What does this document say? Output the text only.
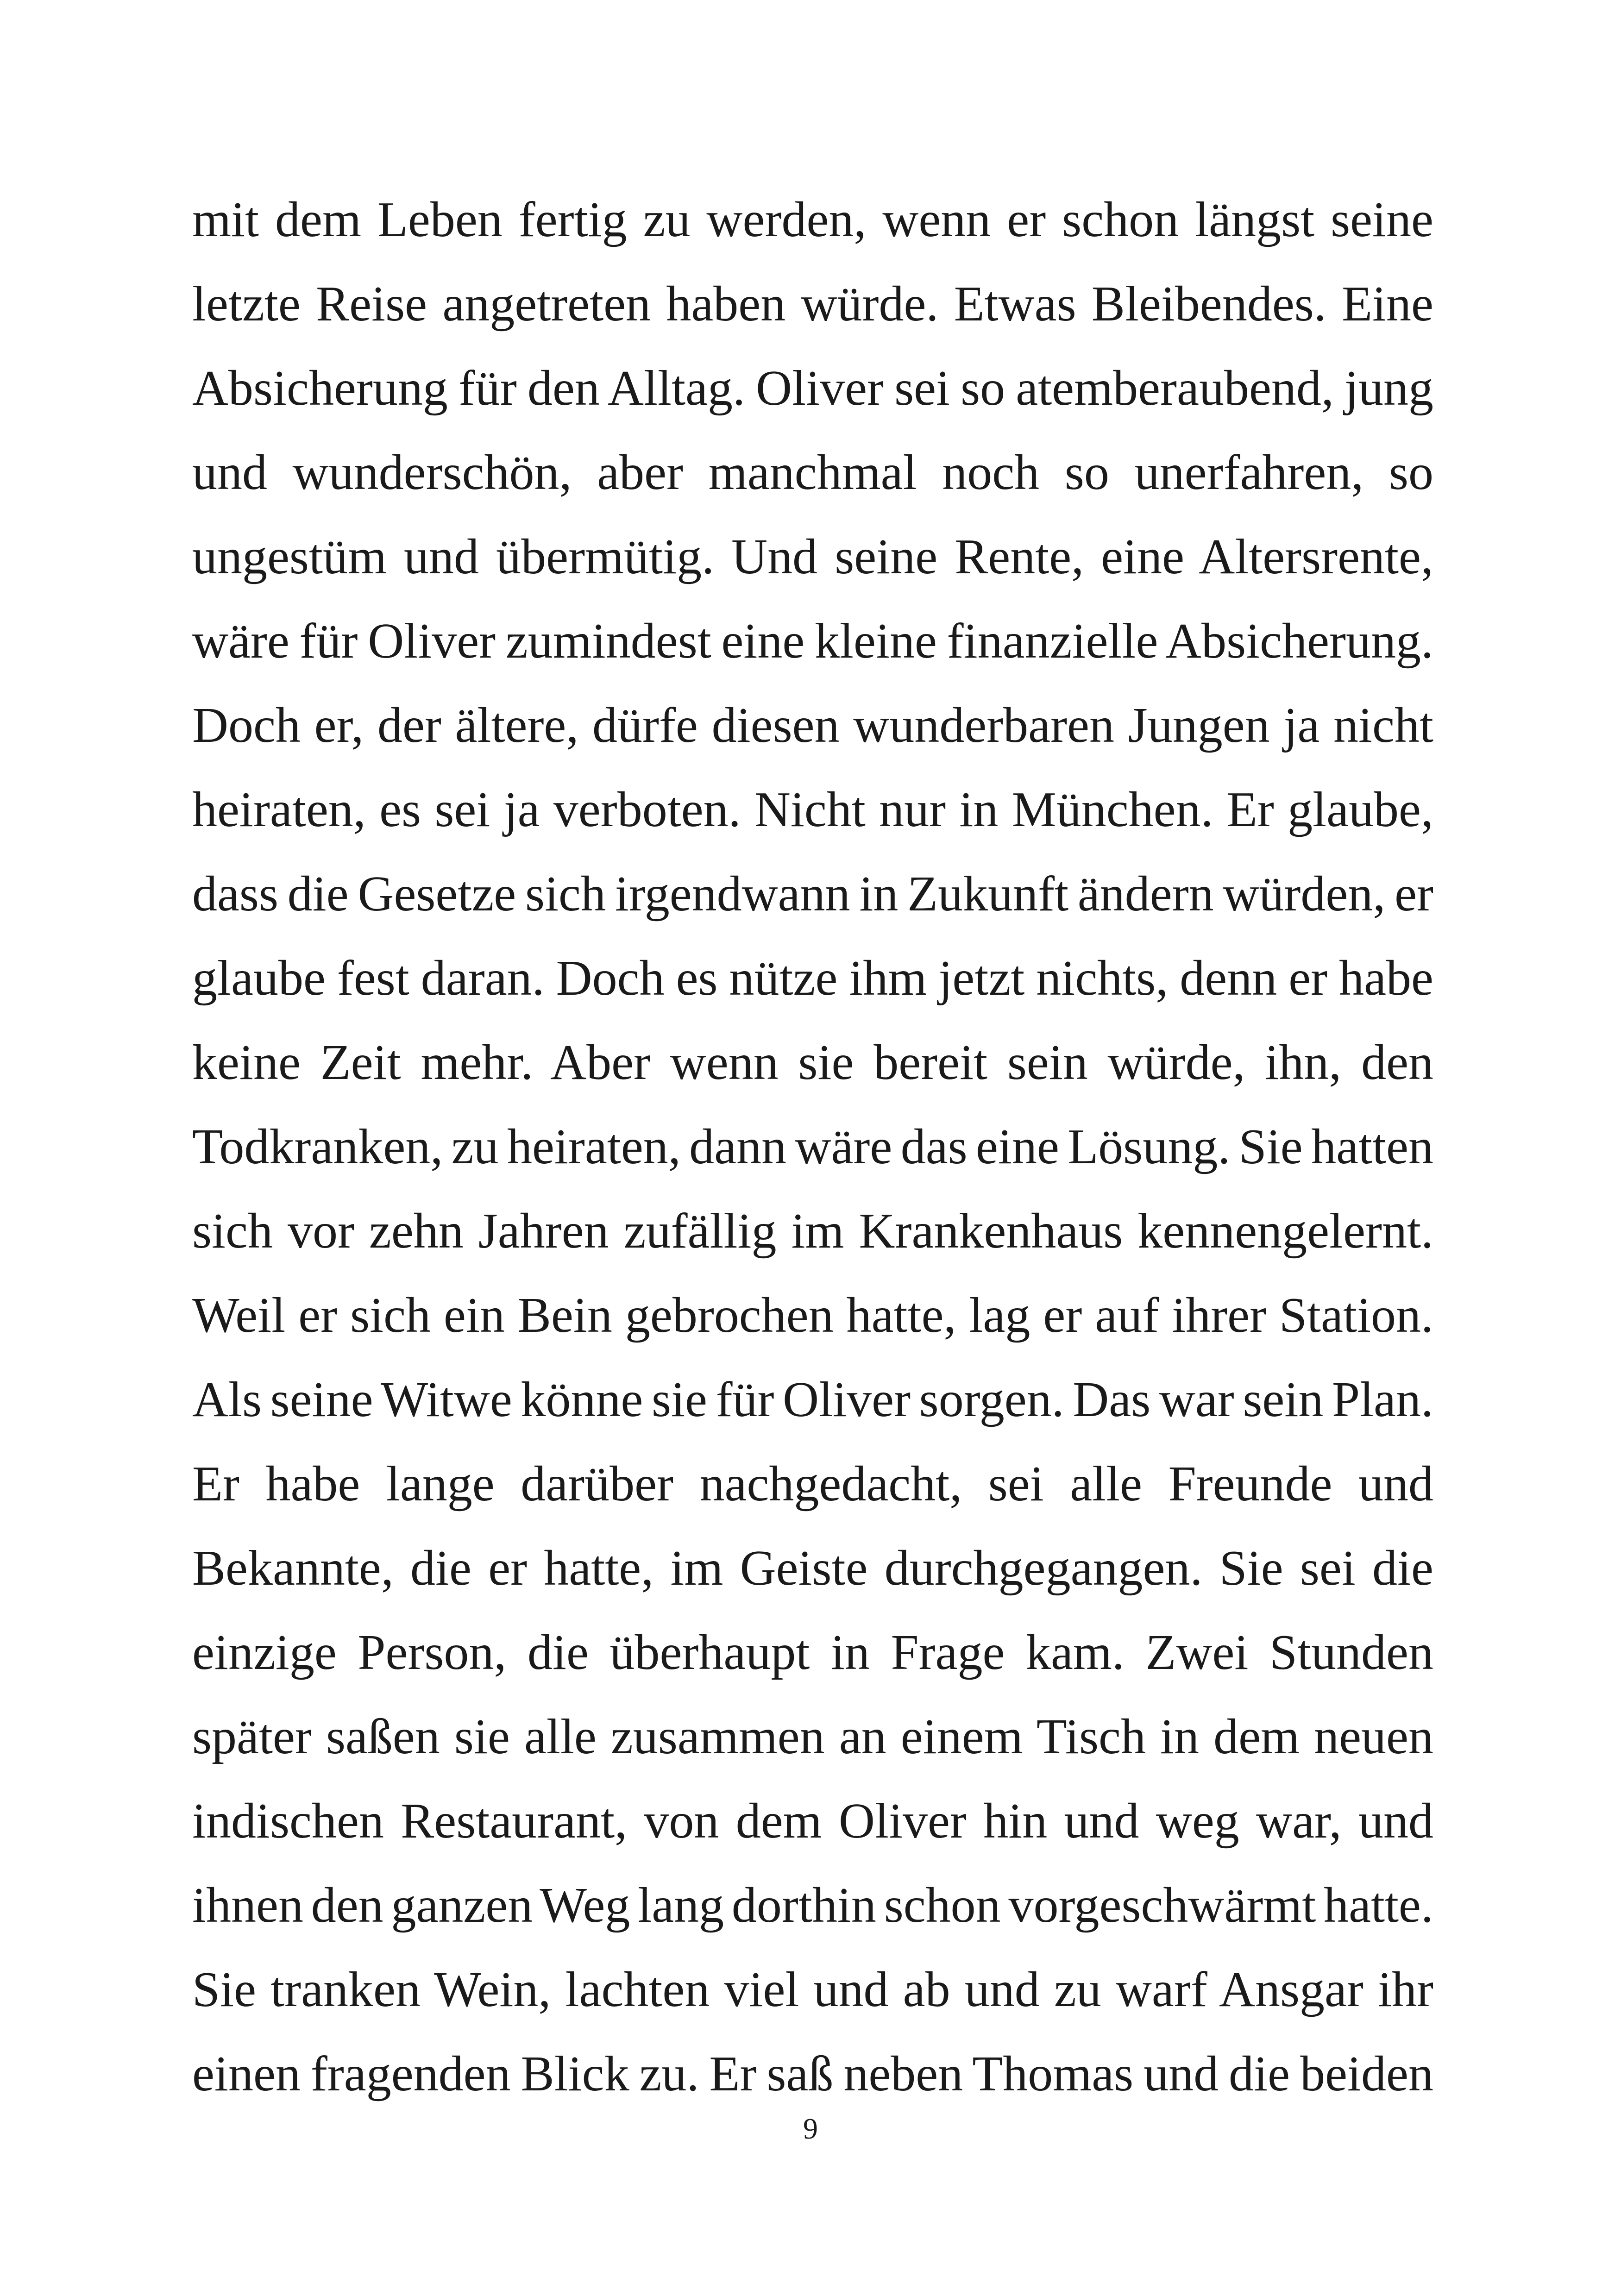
mit dem Leben fertig zu werden, wenn er schon längst seine
letzte Reise angetreten haben würde. Etwas Bleibendes. Eine
Absicherung für den Alltag. Oliver sei so atemberaubend, jung
und wunderschön, aber manchmal noch so unerfahren, so
ungestüm und übermütig. Und seine Rente, eine Altersrente,
wäre für Oliver zumindest eine kleine finanzielle Absicherung.
Doch er, der ältere, dürfe diesen wunderbaren Jungen ja nicht
heiraten, es sei ja verboten. Nicht nur in München. Er glaube,
dass die Gesetze sich irgendwann in Zukunft ändern würden, er
glaube fest daran. Doch es nütze ihm jetzt nichts, denn er habe
keine Zeit mehr. Aber wenn sie bereit sein würde, ihn, den
Todkranken, zu heiraten, dann wäre das eine Lösung. Sie hatten
sich vor zehn Jahren zufällig im Krankenhaus kennengelernt.
Weil er sich ein Bein gebrochen hatte, lag er auf ihrer Station.
Als seine Witwe könne sie für Oliver sorgen. Das war sein Plan.
Er habe lange darüber nachgedacht, sei alle Freunde und
Bekannte, die er hatte, im Geiste durchgegangen. Sie sei die
einzige Person, die überhaupt in Frage kam. Zwei Stunden
später saßen sie alle zusammen an einem Tisch in dem neuen
indischen Restaurant, von dem Oliver hin und weg war, und
ihnen den ganzen Weg lang dorthin schon vorgeschwärmt hatte.
Sie tranken Wein, lachten viel und ab und zu warf Ansgar ihr
einen fragenden Blick zu. Er saß neben Thomas und die beiden
9
